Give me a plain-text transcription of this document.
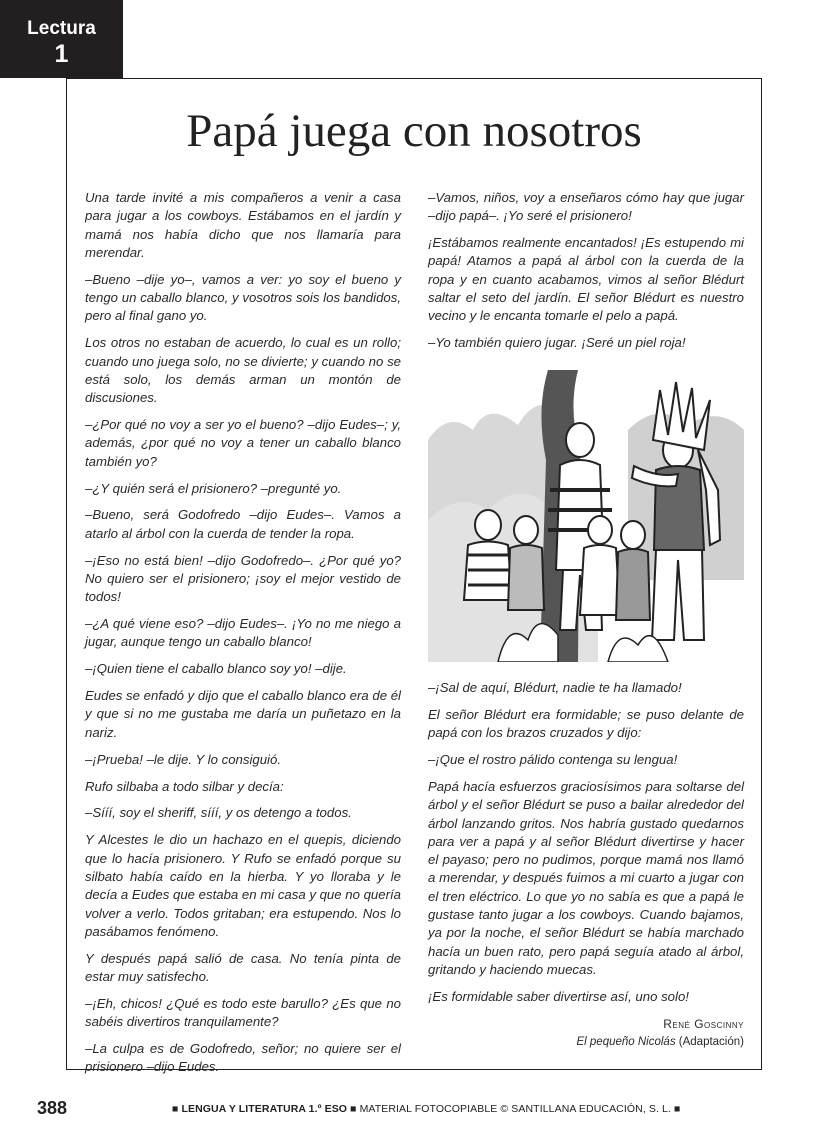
Lectura
1
Papá juega con nosotros

Una tarde invité a mis compañeros a venir a casa para jugar a los cowboys. Estábamos en el jardín y mamá nos había dicho que nos llamaría para merendar.

–Bueno –dije yo–, vamos a ver: yo soy el bueno y tengo un caballo blanco, y vosotros sois los bandidos, pero al final gano yo.

Los otros no estaban de acuerdo, lo cual es un rollo; cuando uno juega solo, no se divierte; y cuando no se está solo, los demás arman un montón de discusiones.

–¿Por qué no voy a ser yo el bueno? –dijo Eudes–; y, además, ¿por qué no voy a tener un caballo blanco también yo?

–¿Y quién será el prisionero? –pregunté yo.

–Bueno, será Godofredo –dijo Eudes–. Vamos a atarlo al árbol con la cuerda de tender la ropa.

–¡Eso no está bien! –dijo Godofredo–. ¿Por qué yo? No quiero ser el prisionero; ¡soy el mejor vestido de todos!

–¿A qué viene eso? –dijo Eudes–. ¡Yo no me niego a jugar, aunque tengo un caballo blanco!

–¡Quien tiene el caballo blanco soy yo! –dije.

Eudes se enfadó y dijo que el caballo blanco era de él y que si no me gustaba me daría un puñetazo en la nariz.

–¡Prueba! –le dije. Y lo consiguió.

Rufo silbaba a todo silbar y decía:

–Sííí, soy el sheriff, sííí, y os detengo a todos.

Y Alcestes le dio un hachazo en el quepis, diciendo que lo hacía prisionero. Y Rufo se enfadó porque su silbato había caído en la hierba. Y yo lloraba y le decía a Eudes que estaba en mi casa y que no quería volver a verlo. Todos gritaban; era estupendo. Nos lo pasábamos fenómeno.

Y después papá salió de casa. No tenía pinta de estar muy satisfecho.

–¡Eh, chicos! ¿Qué es todo este barullo? ¿Es que no sabéis divertiros tranquilamente?

–La culpa es de Godofredo, señor; no quiere ser el prisionero –dijo Eudes.

–Vamos, niños, voy a enseñaros cómo hay que jugar –dijo papá–. ¡Yo seré el prisionero!

¡Estábamos realmente encantados! ¡Es estupendo mi papá! Atamos a papá al árbol con la cuerda de la ropa y en cuanto acabamos, vimos al señor Blédurt saltar el seto del jardín. El señor Blédurt es nuestro vecino y le encanta tomarle el pelo a papá.

–Yo también quiero jugar. ¡Seré un piel roja!

–¡Sal de aquí, Blédurt, nadie te ha llamado!

El señor Blédurt era formidable; se puso delante de papá con los brazos cruzados y dijo:

–¡Que el rostro pálido contenga su lengua!

Papá hacía esfuerzos graciosísimos para soltarse del árbol y el señor Blédurt se puso a bailar alrededor del árbol lanzando gritos. Nos habría gustado quedarnos para ver a papá y al señor Blédurt divertirse y hacer el payaso; pero no pudimos, porque mamá nos llamó a merendar, y después fuimos a mi cuarto a jugar con el tren eléctrico. Lo que yo no sabía es que a papá le gustase tanto jugar a los cowboys. Cuando bajamos, ya por la noche, el señor Blédurt se había marchado hacía un buen rato, pero papá seguía atado al árbol, gritando y haciendo muecas.

¡Es formidable saber divertirse así, uno solo!

René Goscinny
El pequeño Nicolás (Adaptación)
388	■ LENGUA Y LITERATURA 1.º ESO ■ MATERIAL FOTOCOPIABLE © SANTILLANA EDUCACIÓN, S. L. ■
